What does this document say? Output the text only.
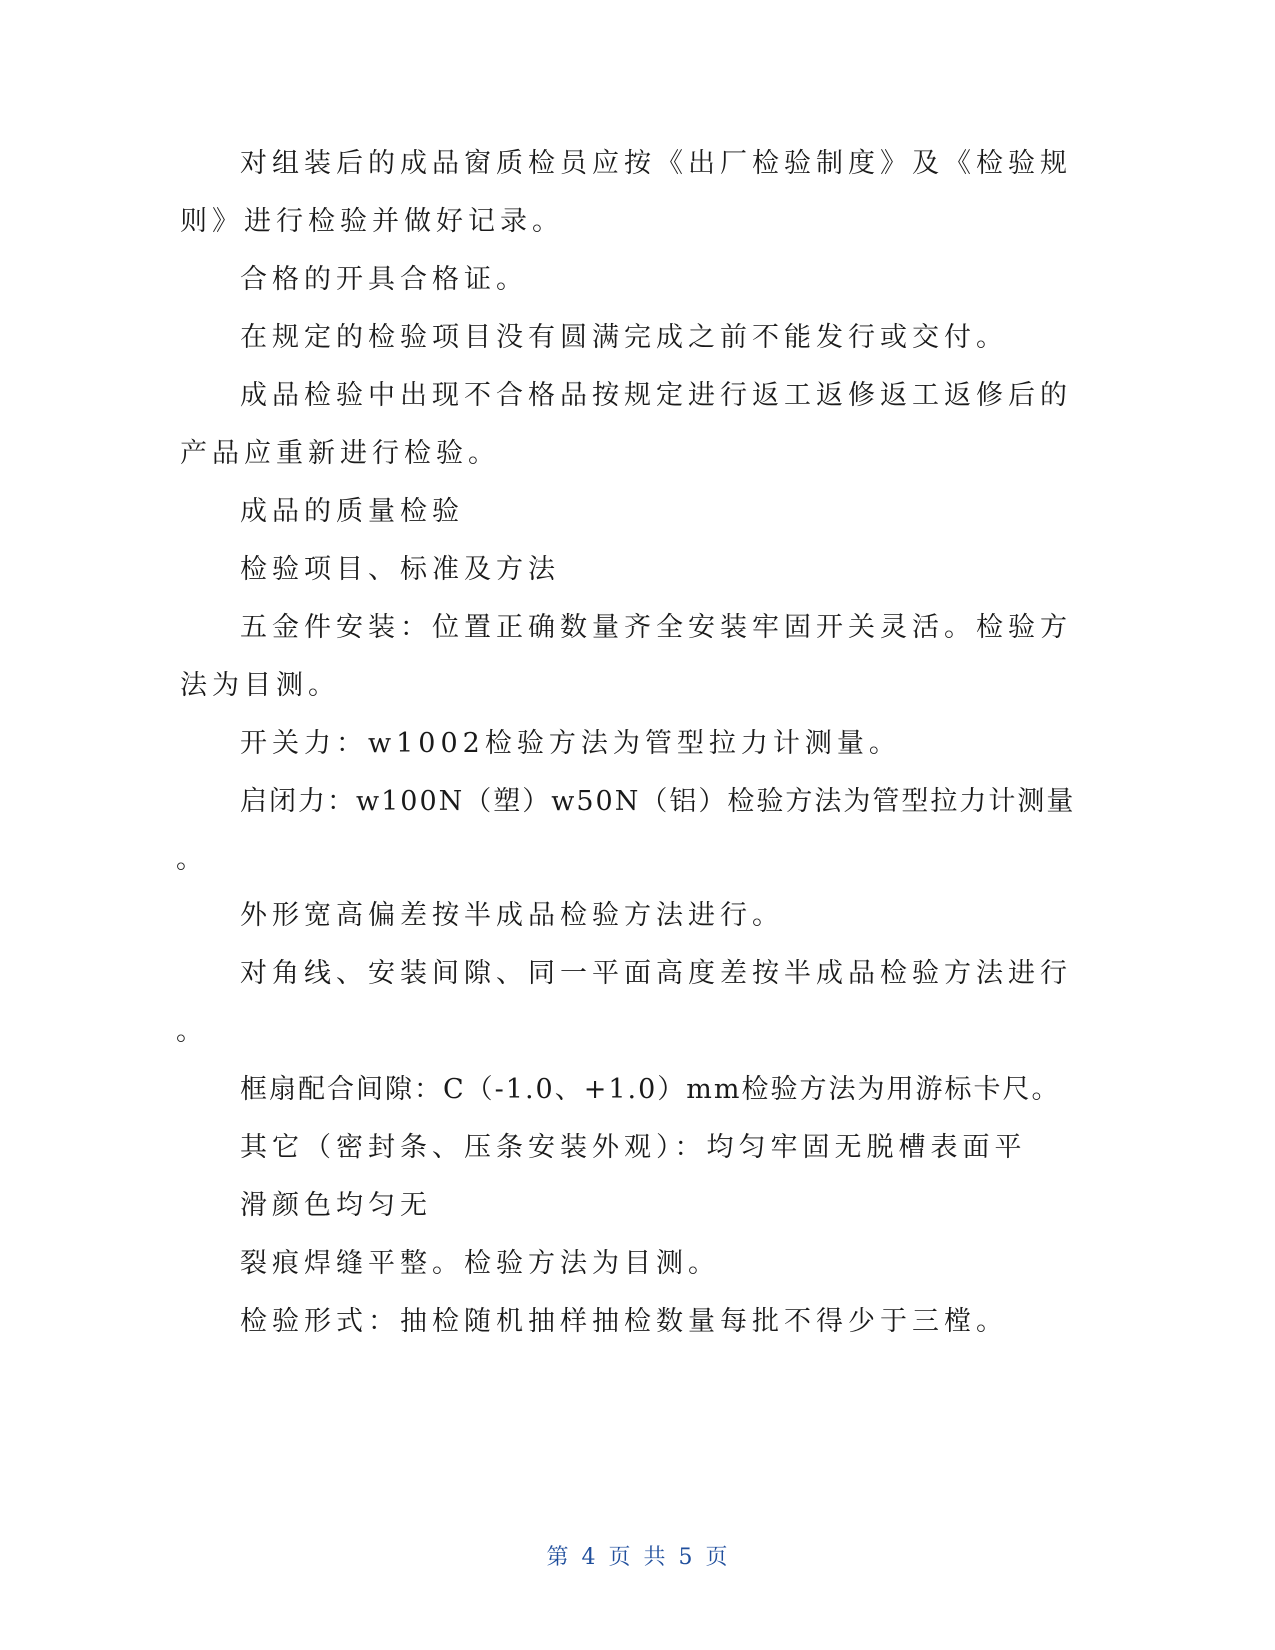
对组装后的成品窗质检员应按《出厂检验制度》及《检验规
则》进行检验并做好记录。
合格的开具合格证。
在规定的检验项目没有圆满完成之前不能发行或交付。
成品检验中出现不合格品按规定进行返工返修返工返修后的
产品应重新进行检验。
成品的质量检验
检验项目、标准及方法
五金件安装：位置正确数量齐全安装牢固开关灵活。检验方
法为目测。
开关力：w1002检验方法为管型拉力计测量。
启闭力：w100N（塑）w50N（铝）检验方法为管型拉力计测量
。
外形宽高偏差按半成品检验方法进行。
对角线、安装间隙、同一平面高度差按半成品检验方法进行
。
框扇配合间隙：C（-1.0、+1.0）mm检验方法为用游标卡尺。
其它（密封条、压条安装外观）：均匀牢固无脱槽表面平
滑颜色均匀无
裂痕焊缝平整。检验方法为目测。
检验形式：抽检随机抽样抽检数量每批不得少于三樘。
第 4 页 共 5 页
